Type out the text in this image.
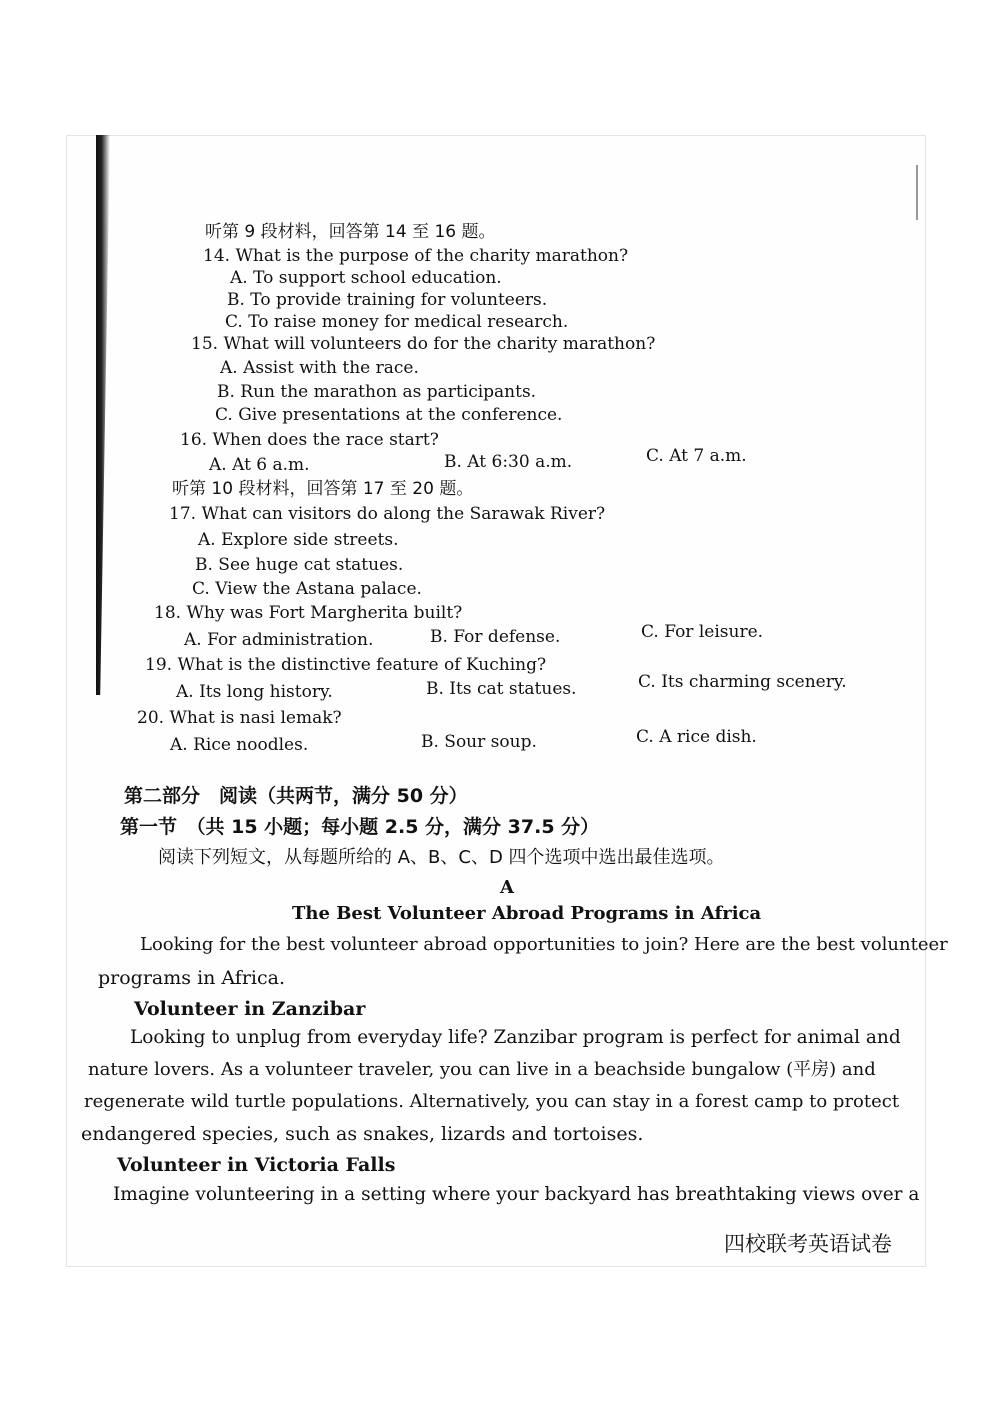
听第 9 段材料，回答第 14 至 16 题。
14. What is the purpose of the charity marathon?
A. To support school education.
B. To provide training for volunteers.
C. To raise money for medical research.
15. What will volunteers do for the charity marathon?
A. Assist with the race.
B. Run the marathon as participants.
C. Give presentations at the conference.
16. When does the race start?
A. At 6 a.m.	B. At 6:30 a.m.	C. At 7 a.m.
听第 10 段材料，回答第 17 至 20 题。
17. What can visitors do along the Sarawak River?
A. Explore side streets.
B. See huge cat statues.
C. View the Astana palace.
18. Why was Fort Margherita built?
A. For administration.	B. For defense.	C. For leisure.
19. What is the distinctive feature of Kuching?
A. Its long history.	B. Its cat statues.	C. Its charming scenery.
20. What is nasi lemak?
A. Rice noodles.	B. Sour soup.	C. A rice dish.
第二部分　阅读（共两节，满分 50 分）
第一节　（共 15 小题；每小题 2.5 分，满分 37.5 分）
阅读下列短文，从每题所给的 A、B、C、D 四个选项中选出最佳选项。
A
The Best Volunteer Abroad Programs in Africa
Looking for the best volunteer abroad opportunities to join? Here are the best volunteer
programs in Africa.
Volunteer in Zanzibar
Looking to unplug from everyday life? Zanzibar program is perfect for animal and
nature lovers. As a volunteer traveler, you can live in a beachside bungalow (平房) and
regenerate wild turtle populations. Alternatively, you can stay in a forest camp to protect
endangered species, such as snakes, lizards and tortoises.
Volunteer in Victoria Falls
Imagine volunteering in a setting where your backyard has breathtaking views over a
四校联考英语试卷
